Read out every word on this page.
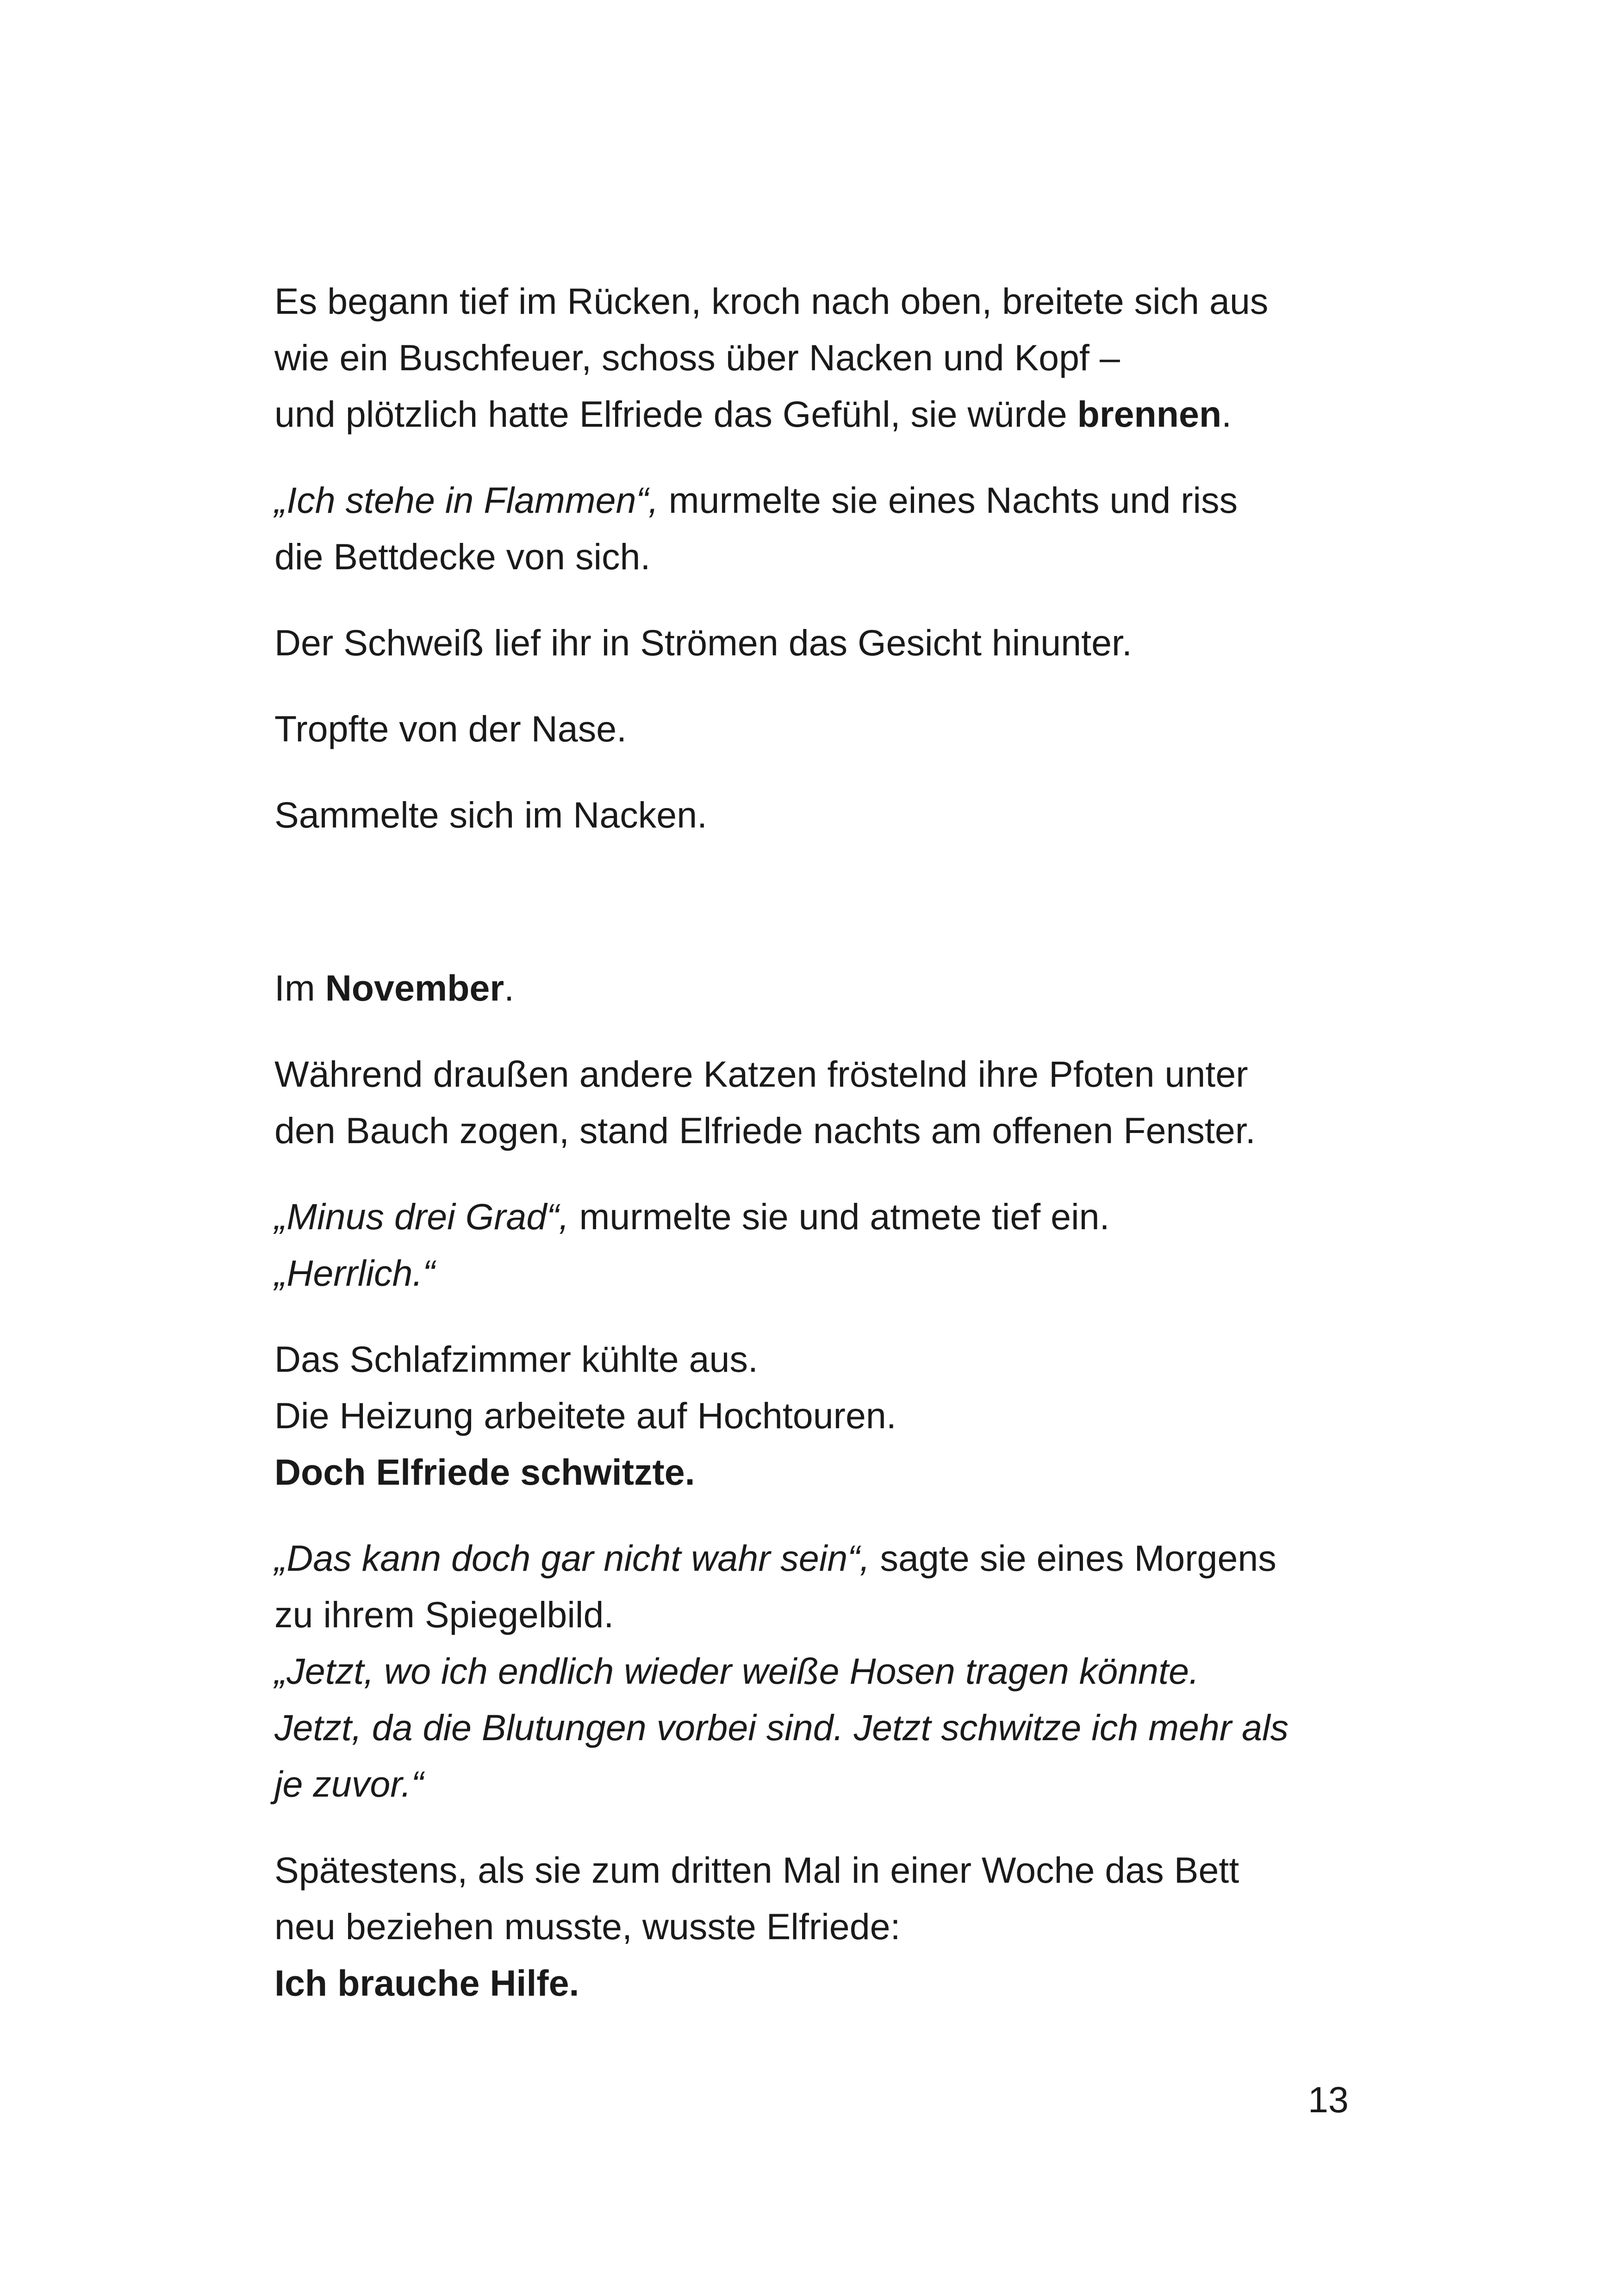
Es begann tief im Rücken, kroch nach oben, breitete sich aus
wie ein Buschfeuer, schoss über Nacken und Kopf –
und plötzlich hatte Elfriede das Gefühl, sie würde brennen.

„Ich stehe in Flammen“, murmelte sie eines Nachts und riss
die Bettdecke von sich.

Der Schweiß lief ihr in Strömen das Gesicht hinunter.

Tropfte von der Nase.

Sammelte sich im Nacken.

Im November.

Während draußen andere Katzen fröstelnd ihre Pfoten unter
den Bauch zogen, stand Elfriede nachts am offenen Fenster.

„Minus drei Grad“, murmelte sie und atmete tief ein.
„Herrlich.“

Das Schlafzimmer kühlte aus.
Die Heizung arbeitete auf Hochtouren.
Doch Elfriede schwitzte.

„Das kann doch gar nicht wahr sein“, sagte sie eines Morgens
zu ihrem Spiegelbild.
„Jetzt, wo ich endlich wieder weiße Hosen tragen könnte.
Jetzt, da die Blutungen vorbei sind. Jetzt schwitze ich mehr als
je zuvor.“

Spätestens, als sie zum dritten Mal in einer Woche das Bett
neu beziehen musste, wusste Elfriede:
Ich brauche Hilfe.

13
